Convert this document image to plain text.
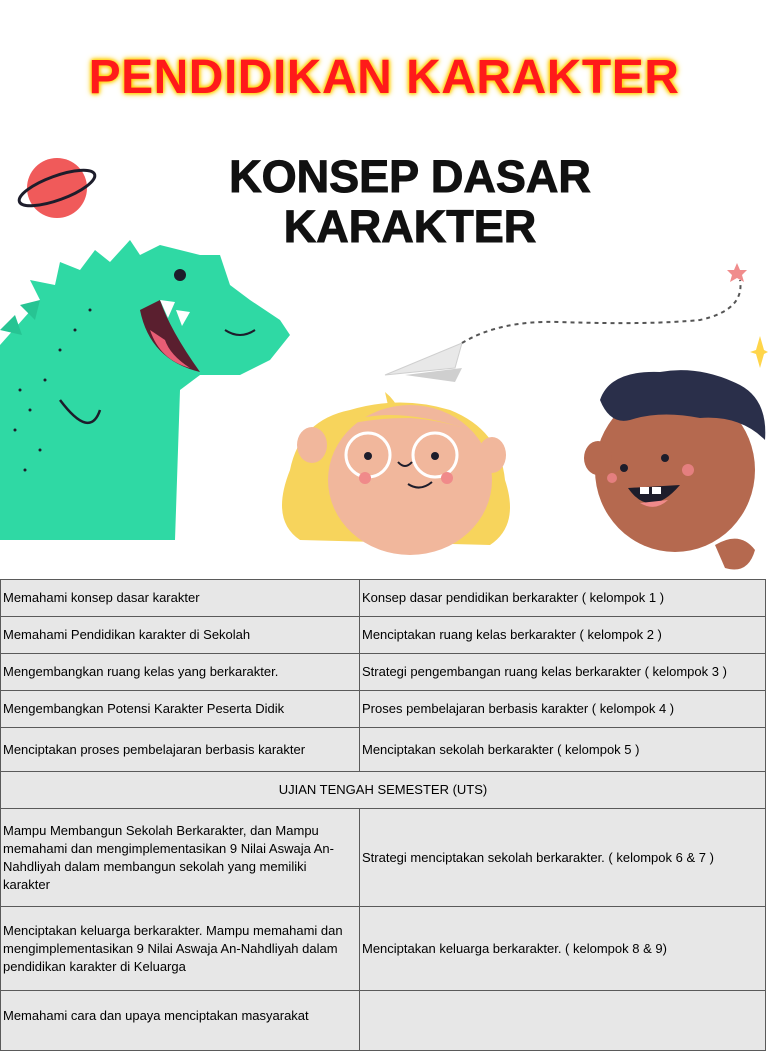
PENDIDIKAN KARAKTER
KONSEP DASAR
KARAKTER
Memahami konsep dasar karakter	Konsep dasar pendidikan berkarakter ( kelompok 1 )
Memahami Pendidikan karakter di Sekolah	Menciptakan ruang kelas berkarakter ( kelompok 2 )
Mengembangkan ruang kelas yang berkarakter.	Strategi pengembangan ruang kelas berkarakter ( kelompok 3 )
Mengembangkan Potensi Karakter Peserta Didik	Proses pembelajaran berbasis karakter ( kelompok 4 )
Menciptakan proses pembelajaran berbasis karakter	Menciptakan sekolah berkarakter ( kelompok 5 )
UJIAN TENGAH SEMESTER (UTS)	
Mampu Membangun Sekolah Berkarakter, dan Mampu memahami dan mengimplementasikan 9 Nilai Aswaja An-Nahdliyah dalam membangun sekolah yang memiliki karakter	Strategi menciptakan sekolah berkarakter. ( kelompok 6 & 7 )
Menciptakan keluarga berkarakter. Mampu memahami dan mengimplementasikan 9 Nilai Aswaja An-Nahdliyah dalam pendidikan karakter di Keluarga	Menciptakan keluarga berkarakter. ( kelompok 8 & 9)
Memahami cara dan upaya menciptakan masyarakat	
